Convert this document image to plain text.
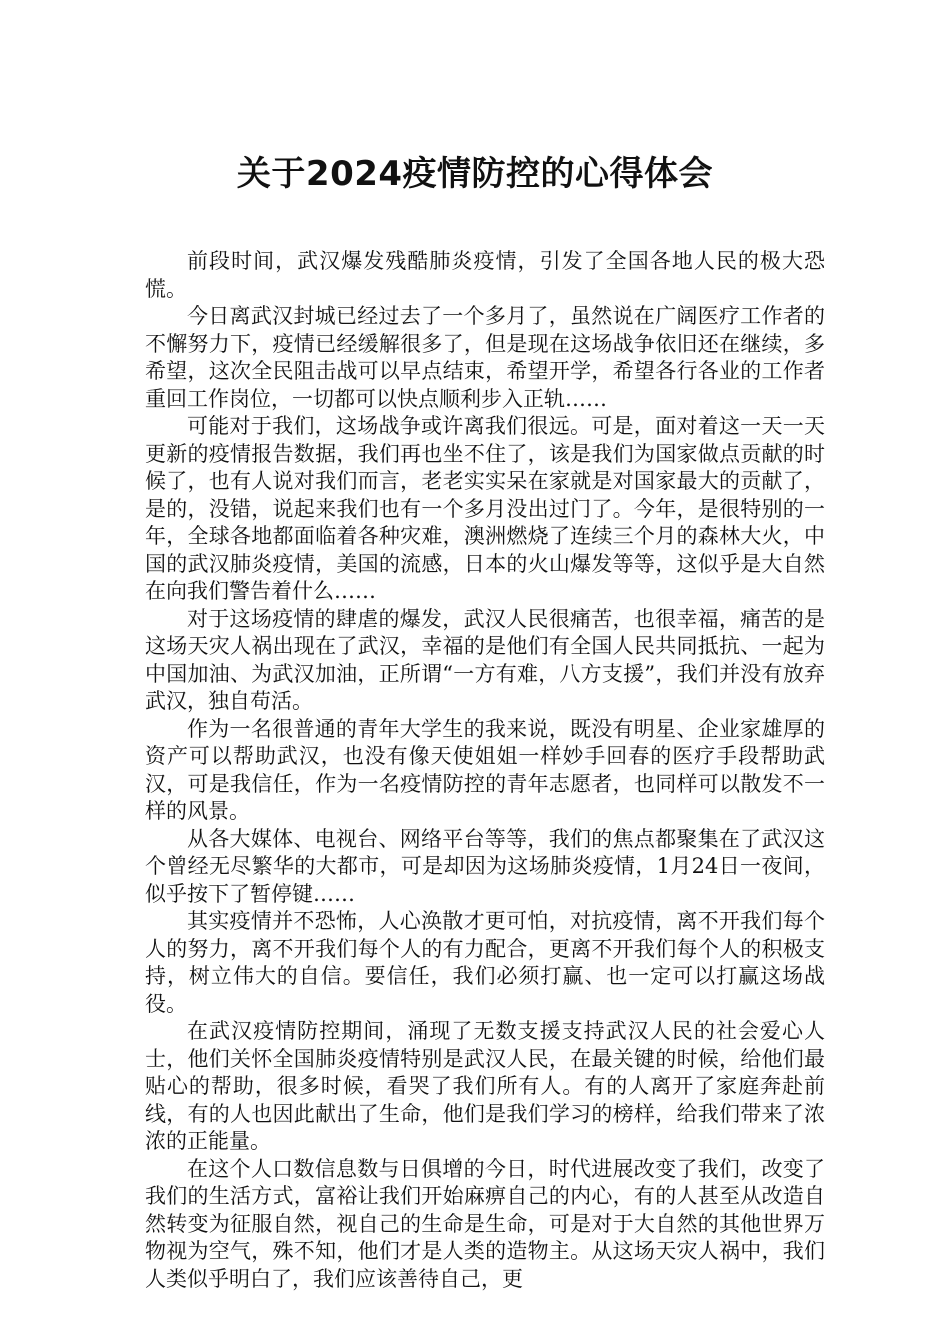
关于2024疫情防控的心得体会

前段时间，武汉爆发残酷肺炎疫情，引发了全国各地人民的极大恐慌。

今日离武汉封城已经过去了一个多月了，虽然说在广阔医疗工作者的不懈努力下，疫情已经缓解很多了，但是现在这场战争依旧还在继续，多希望，这次全民阻击战可以早点结束，希望开学，希望各行各业的工作者重回工作岗位，一切都可以快点顺利步入正轨……

可能对于我们，这场战争或许离我们很远。可是，面对着这一天一天更新的疫情报告数据，我们再也坐不住了，该是我们为国家做点贡献的时候了，也有人说对我们而言，老老实实呆在家就是对国家最大的贡献了，是的，没错，说起来我们也有一个多月没出过门了。今年，是很特别的一年，全球各地都面临着各种灾难，澳洲燃烧了连续三个月的森林大火，中国的武汉肺炎疫情，美国的流感，日本的火山爆发等等，这似乎是大自然在向我们警告着什么……

对于这场疫情的肆虐的爆发，武汉人民很痛苦，也很幸福，痛苦的是这场天灾人祸出现在了武汉，幸福的是他们有全国人民共同抵抗、一起为中国加油、为武汉加油，正所谓“一方有难，八方支援”，我们并没有放弃武汉，独自苟活。

作为一名很普通的青年大学生的我来说，既没有明星、企业家雄厚的资产可以帮助武汉，也没有像天使姐姐一样妙手回春的医疗手段帮助武汉，可是我信任，作为一名疫情防控的青年志愿者，也同样可以散发不一样的风景。

从各大媒体、电视台、网络平台等等，我们的焦点都聚集在了武汉这个曾经无尽繁华的大都市，可是却因为这场肺炎疫情，1月24日一夜间，似乎按下了暂停键……

其实疫情并不恐怖，人心涣散才更可怕，对抗疫情，离不开我们每个人的努力，离不开我们每个人的有力配合，更离不开我们每个人的积极支持，树立伟大的自信。要信任，我们必须打赢、也一定可以打赢这场战役。

在武汉疫情防控期间，涌现了无数支援支持武汉人民的社会爱心人士，他们关怀全国肺炎疫情特别是武汉人民，在最关键的时候，给他们最贴心的帮助，很多时候，看哭了我们所有人。有的人离开了家庭奔赴前线，有的人也因此献出了生命，他们是我们学习的榜样，给我们带来了浓浓的正能量。

在这个人口数信息数与日俱增的今日，时代进展改变了我们，改变了我们的生活方式，富裕让我们开始麻痹自己的内心，有的人甚至从改造自然转变为征服自然，视自己的生命是生命，可是对于大自然的其他世界万物视为空气，殊不知，他们才是人类的造物主。从这场天灾人祸中，我们人类似乎明白了，我们应该善待自己，更
